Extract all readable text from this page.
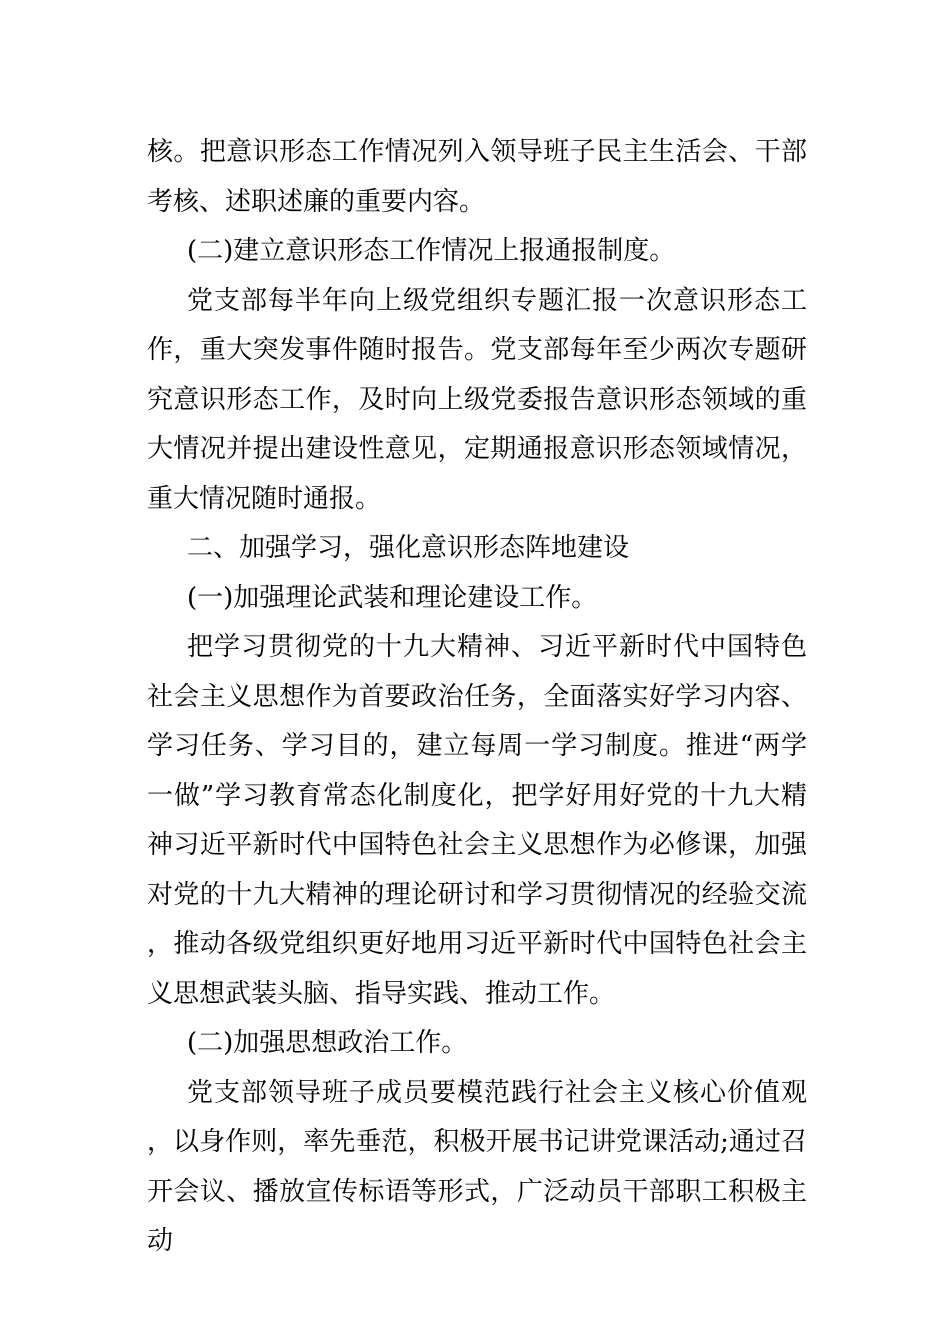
核。把意识形态工作情况列入领导班子民主生活会、干部考核、述职述廉的重要内容。

(二)建立意识形态工作情况上报通报制度。

党支部每半年向上级党组织专题汇报一次意识形态工作，重大突发事件随时报告。党支部每年至少两次专题研究意识形态工作，及时向上级党委报告意识形态领域的重大情况并提出建设性意见，定期通报意识形态领域情况，重大情况随时通报。

二、加强学习，强化意识形态阵地建设

(一)加强理论武装和理论建设工作。

把学习贯彻党的十九大精神、习近平新时代中国特色社会主义思想作为首要政治任务，全面落实好学习内容、学习任务、学习目的，建立每周一学习制度。推进“两学一做”学习教育常态化制度化，把学好用好党的十九大精神习近平新时代中国特色社会主义思想作为必修课，加强对党的十九大精神的理论研讨和学习贯彻情况的经验交流，推动各级党组织更好地用习近平新时代中国特色社会主义思想武装头脑、指导实践、推动工作。

(二)加强思想政治工作。

党支部领导班子成员要模范践行社会主义核心价值观，以身作则，率先垂范，积极开展书记讲党课活动;通过召开会议、播放宣传标语等形式，广泛动员干部职工积极主动
